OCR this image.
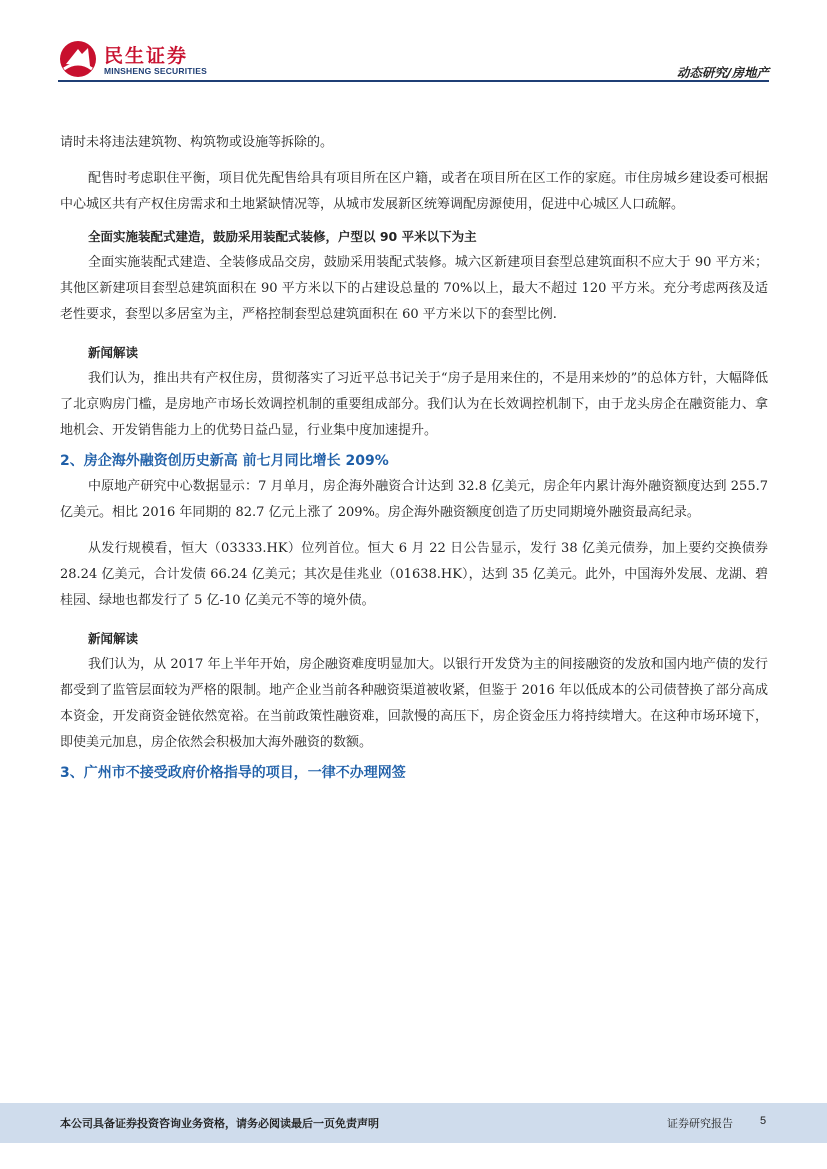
民生证券
MINSHENG SECURITIES	动态研究/房地产

请时未将违法建筑物、构筑物或设施等拆除的。

配售时考虑职住平衡，项目优先配售给具有项目所在区户籍，或者在项目所在区工作的家庭。市住房城乡建设委可根据中心城区共有产权住房需求和土地紧缺情况等，从城市发展新区统筹调配房源使用，促进中心城区人口疏解。

全面实施装配式建造，鼓励采用装配式装修，户型以 90 平米以下为主

全面实施装配式建造、全装修成品交房，鼓励采用装配式装修。城六区新建项目套型总建筑面积不应大于 90 平方米；其他区新建项目套型总建筑面积在 90 平方米以下的占建设总量的 70%以上，最大不超过 120 平方米。充分考虑两孩及适老性要求，套型以多居室为主，严格控制套型总建筑面积在 60 平方米以下的套型比例.

新闻解读

我们认为，推出共有产权住房，贯彻落实了习近平总书记关于“房子是用来住的，不是用来炒的”的总体方针，大幅降低了北京购房门槛，是房地产市场长效调控机制的重要组成部分。我们认为在长效调控机制下，由于龙头房企在融资能力、拿地机会、开发销售能力上的优势日益凸显，行业集中度加速提升。

2、房企海外融资创历史新高 前七月同比增长 209%

中原地产研究中心数据显示：7 月单月，房企海外融资合计达到 32.8 亿美元，房企年内累计海外融资额度达到 255.7 亿美元。相比 2016 年同期的 82.7 亿元上涨了 209%。房企海外融资额度创造了历史同期境外融资最高纪录。

从发行规模看，恒大（03333.HK）位列首位。恒大 6 月 22 日公告显示，发行 38 亿美元债券，加上要约交换债券 28.24 亿美元，合计发债 66.24 亿美元；其次是佳兆业（01638.HK），达到 35 亿美元。此外，中国海外发展、龙湖、碧桂园、绿地也都发行了 5 亿-10 亿美元不等的境外债。

新闻解读

我们认为，从 2017 年上半年开始，房企融资难度明显加大。以银行开发贷为主的间接融资的发放和国内地产债的发行都受到了监管层面较为严格的限制。地产企业当前各种融资渠道被收紧，但鉴于 2016 年以低成本的公司债替换了部分高成本资金，开发商资金链依然宽裕。在当前政策性融资难，回款慢的高压下，房企资金压力将持续增大。在这种市场环境下，即使美元加息，房企依然会积极加大海外融资的数额。

3、广州市不接受政府价格指导的项目，一律不办理网签
本公司具备证券投资咨询业务资格，请务必阅读最后一页免责声明	证券研究报告 5
